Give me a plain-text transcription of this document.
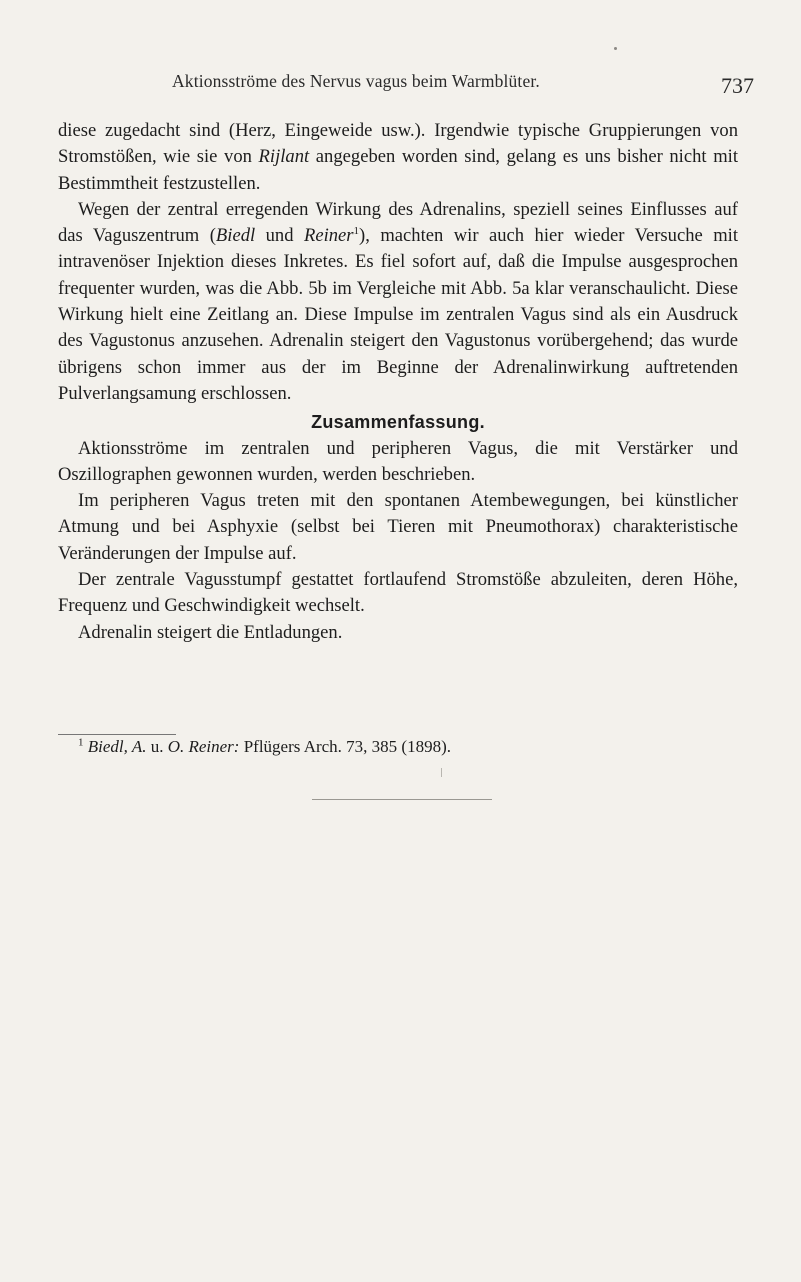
Aktionsströme des Nervus vagus beim Warmblüter.	737

diese zugedacht sind (Herz, Eingeweide usw.). Irgendwie typische Gruppierungen von Stromstößen, wie sie von Rijlant angegeben worden sind, gelang es uns bisher nicht mit Bestimmtheit festzustellen.

Wegen der zentral erregenden Wirkung des Adrenalins, speziell seines Einflusses auf das Vaguszentrum (Biedl und Reiner$^1$), machten wir auch hier wieder Versuche mit intravenöser Injektion dieses Inkretes. Es fiel sofort auf, daß die Impulse ausgesprochen frequenter wurden, was die Abb. 5b im Vergleiche mit Abb. 5a klar veranschaulicht. Diese Wirkung hielt eine Zeitlang an. Diese Impulse im zentralen Vagus sind als ein Ausdruck des Vagustonus anzusehen. Adrenalin steigert den Vagustonus vorübergehend; das wurde übrigens schon immer aus der im Beginne der Adrenalinwirkung auftretenden Pulverlangsamung erschlossen.

Zusammenfassung.

Aktionsströme im zentralen und peripheren Vagus, die mit Verstärker und Oszillographen gewonnen wurden, werden beschrieben.

Im peripheren Vagus treten mit den spontanen Atembewegungen, bei künstlicher Atmung und bei Asphyxie (selbst bei Tieren mit Pneumothorax) charakteristische Veränderungen der Impulse auf.

Der zentrale Vagusstumpf gestattet fortlaufend Stromstöße abzuleiten, deren Höhe, Frequenz und Geschwindigkeit wechselt.

Adrenalin steigert die Entladungen.

$^1$ Biedl, A. u. O. Reiner: Pflügers Arch. 73, 385 (1898).
